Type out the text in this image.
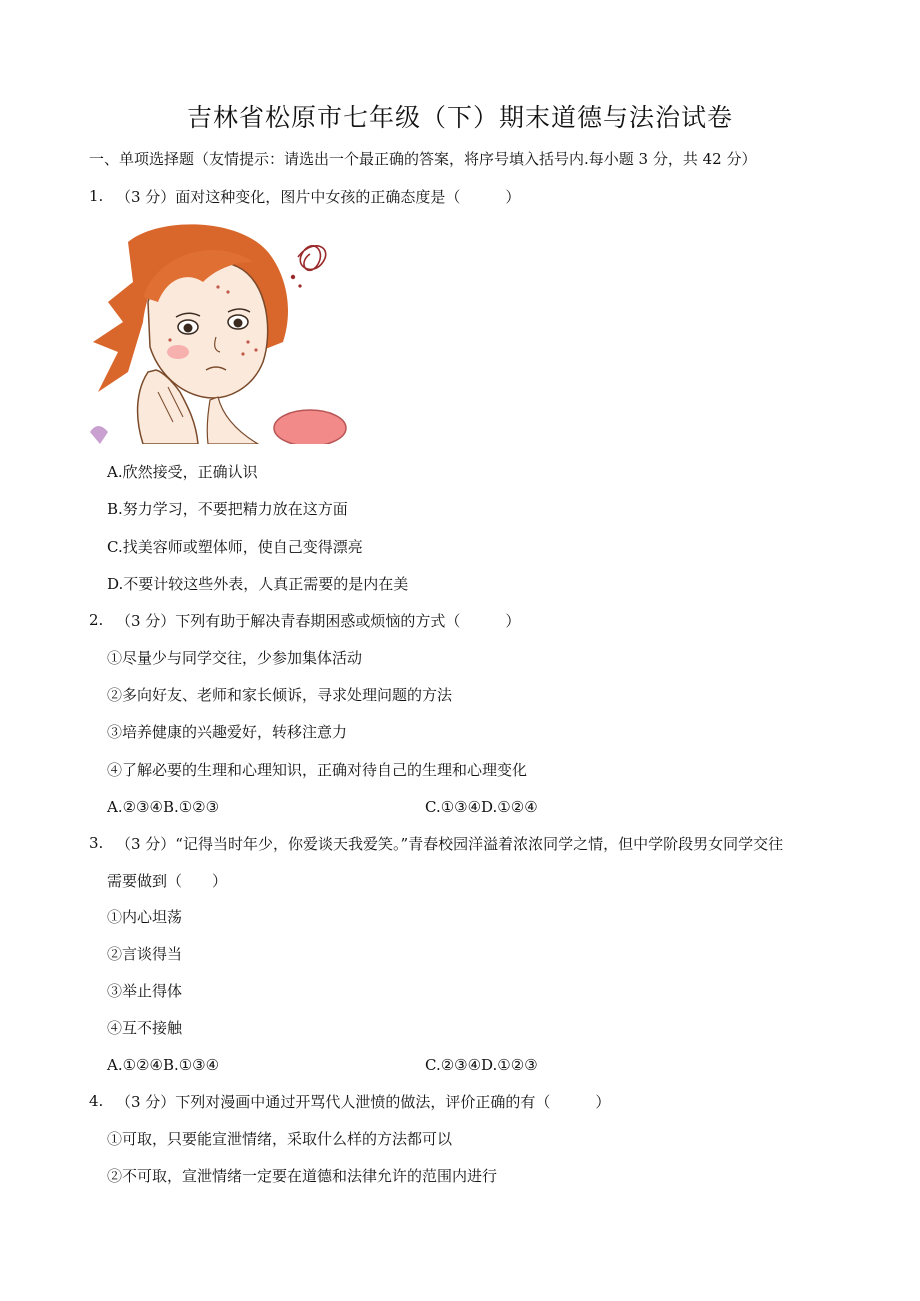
吉林省松原市七年级（下）期末道德与法治试卷
一、单项选择题（友情提示：请选出一个最正确的答案，将序号填入括号内.每小题 3 分，共 42 分）
1. （3 分）面对这种变化，图片中女孩的正确态度是（　　　）
A.欣然接受，正确认识
B.努力学习，不要把精力放在这方面
C.找美容师或塑体师，使自己变得漂亮
D.不要计较这些外表，人真正需要的是内在美
2. （3 分）下列有助于解决青春期困惑或烦恼的方式（　　　）
①尽量少与同学交往，少参加集体活动
②多向好友、老师和家长倾诉，寻求处理问题的方法
③培养健康的兴趣爱好，转移注意力
④了解必要的生理和心理知识，正确对待自己的生理和心理变化
A.②③④B.①②③	C.①③④D.①②④
3. （3 分）“记得当时年少，你爱谈天我爱笑。”青春校园洋溢着浓浓同学之情，但中学阶段男女同学交往
需要做到（　　）
①内心坦荡
②言谈得当
③举止得体
④互不接触
A.①②④B.①③④	C.②③④D.①②③
4. （3 分）下列对漫画中通过开骂代人泄愤的做法，评价正确的有（　　　）
①可取，只要能宣泄情绪，采取什么样的方法都可以
②不可取，宣泄情绪一定要在道德和法律允许的范围内进行
